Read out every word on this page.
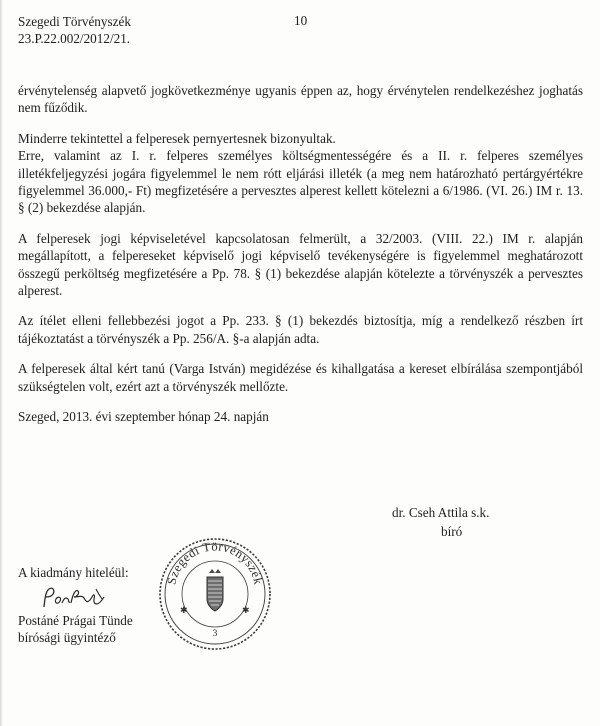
Szegedi Törvényszék
23.P.22.002/2012/21.
10

érvénytelenség alapvető jogkövetkezménye ugyanis éppen az, hogy érvénytelen rendelkezéshez joghatás nem fűződik.

Minderre tekintettel a felperesek pernyertesnek bizonyultak.

Erre, valamint az I. r. felperes személyes költségmentességére és a II. r. felperes személyes illetékfeljegyzési jogára figyelemmel le nem rótt eljárási illeték (a meg nem határozható pertárgyértékre figyelemmel 36.000,- Ft) megfizetésére a pervesztes alperest kellett kötelezni a 6/1986. (VI. 26.) IM r. 13. § (2) bekezdése alapján.

A felperesek jogi képviseletével kapcsolatosan felmerült, a 32/2003. (VIII. 22.) IM r. alapján megállapított, a felpereseket képviselő jogi képviselő tevékenységére is figyelemmel meghatározott összegű perköltség megfizetésére a Pp. 78. § (1) bekezdése alapján kötelezte a törvényszék a pervesztes alperest.

Az ítélet elleni fellebbezési jogot a Pp. 233. § (1) bekezdés biztosítja, míg a rendelkező részben írt tájékoztatást a törvényszék a Pp. 256/A. §-a alapján adta.

A felperesek által kért tanú (Varga István) megidézése és kihallgatása a kereset elbírálása szempontjából szükségtelen volt, ezért azt a törvényszék mellőzte.

Szeged, 2013. évi szeptember hónap 24. napján

dr. Cseh Attila s.k.
bíró
A kiadmány hiteléül:
Postáné Prágai Tünde
bírósági ügyintéző
Szegedi Törvényszék
✱	✱
3
